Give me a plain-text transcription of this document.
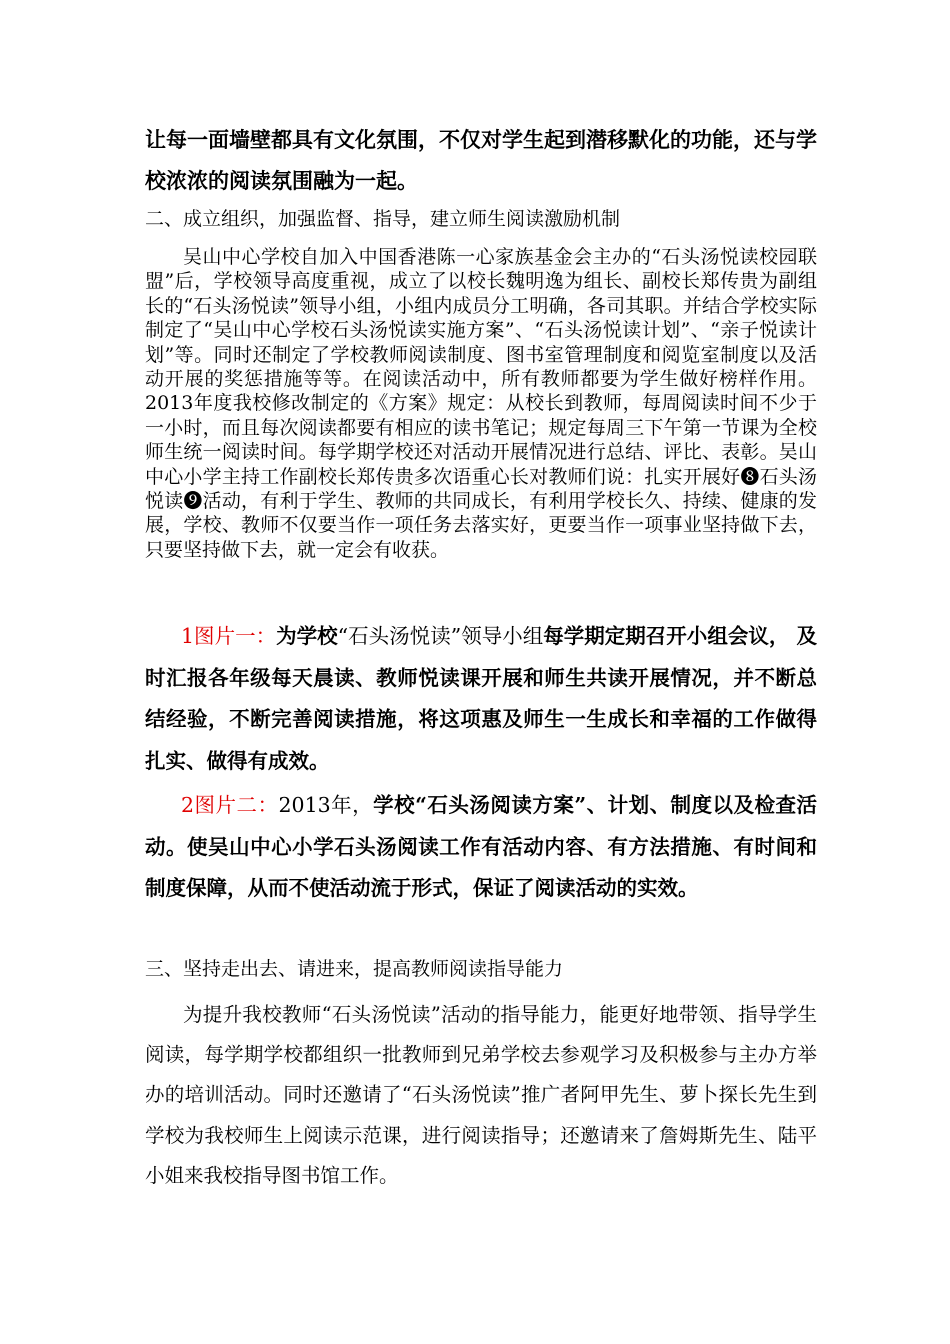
让每一面墙壁都具有文化氛围，不仅对学生起到潜移默化的功能，还与学校浓浓的阅读氛围融为一起。

二、成立组织，加强监督、指导，建立师生阅读激励机制

吴山中心学校自加入中国香港陈一心家族基金会主办的“石头汤悦读校园联盟”后，学校领导高度重视，成立了以校长魏明逸为组长、副校长郑传贵为副组长的“石头汤悦读”领导小组，小组内成员分工明确，各司其职。并结合学校实际制定了“吴山中心学校石头汤悦读实施方案”、“石头汤悦读计划”、“亲子悦读计划”等。同时还制定了学校教师阅读制度、图书室管理制度和阅览室制度以及活动开展的奖惩措施等等。在阅读活动中，所有教师都要为学生做好榜样作用。2013年度我校修改制定的《方案》规定：从校长到教师，每周阅读时间不少于一小时，而且每次阅读都要有相应的读书笔记；规定每周三下午第一节课为全校师生统一阅读时间。每学期学校还对活动开展情况进行总结、评比、表彰。吴山中心小学主持工作副校长郑传贵多次语重心长对教师们说：扎实开展好❽石头汤悦读❾活动，有利于学生、教师的共同成长，有利用学校长久、持续、健康的发展，学校、教师不仅要当作一项任务去落实好，更要当作一项事业坚持做下去，只要坚持做下去，就一定会有收获。

1图片一：为学校“石头汤悦读”领导小组每学期定期召开小组会议， 及时汇报各年级每天晨读、教师悦读课开展和师生共读开展情况，并不断总结经验，不断完善阅读措施，将这项惠及师生一生成长和幸福的工作做得扎实、做得有成效。

2图片二：2013年，学校“石头汤阅读方案”、计划、制度以及检查活动。使吴山中心小学石头汤阅读工作有活动内容、有方法措施、有时间和制度保障，从而不使活动流于形式，保证了阅读活动的实效。

三、坚持走出去、请进来，提高教师阅读指导能力

为提升我校教师“石头汤悦读”活动的指导能力，能更好地带领、指导学生阅读，每学期学校都组织一批教师到兄弟学校去参观学习及积极参与主办方举办的培训活动。同时还邀请了“石头汤悦读”推广者阿甲先生、萝卜探长先生到学校为我校师生上阅读示范课，进行阅读指导；还邀请来了詹姆斯先生、陆平小姐来我校指导图书馆工作。
